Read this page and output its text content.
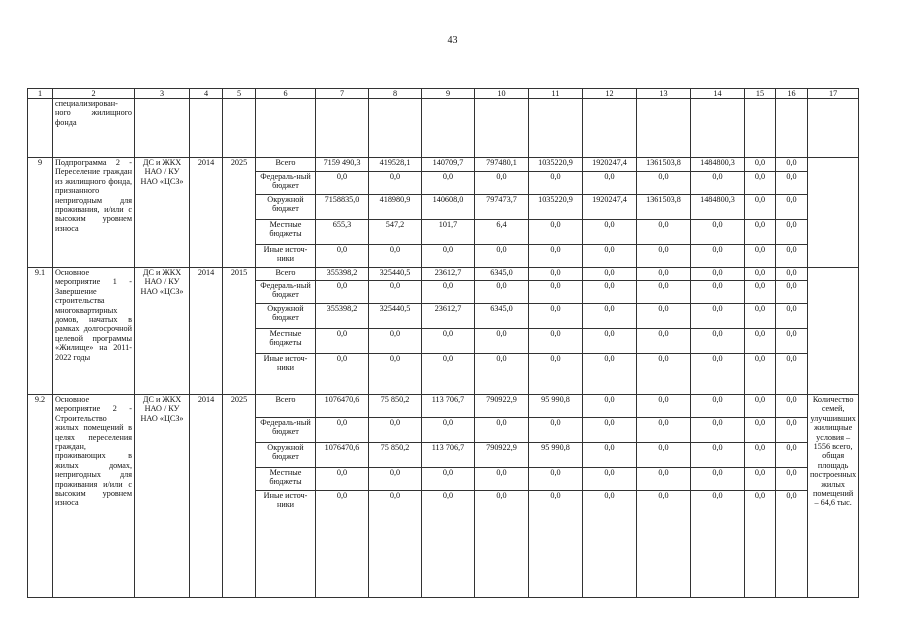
43
1	2	3	4	5	6	7	8	9	10	11	12	13	14	15	16	17
	специализирован-ного жилищного фонда															
9	Подпрограмма 2 - Переселение граждан из жилищного фонда, признанного непригодным для проживания, и/или с высоким уровнем износа	ДС и ЖКХ НАО / КУ НАО «ЦСЗ»	2014	2025	Всего	7159 490,3	419528,1	140709,7	797480,1	1035220,9	1920247,4	1361503,8	1484800,3	0,0	0,0	
					Федераль-ный бюджет	0,0	0,0	0,0	0,0	0,0	0,0	0,0	0,0	0,0	0,0	
					Окружной бюджет	7158835,0	418980,9	140608,0	797473,7	1035220,9	1920247,4	1361503,8	1484800,3	0,0	0,0	
					Местные бюджеты	655,3	547,2	101,7	6,4	0,0	0,0	0,0	0,0	0,0	0,0	
					Иные источ-ники	0,0	0,0	0,0	0,0	0,0	0,0	0,0	0,0	0,0	0,0	
9.1	Основное мероприятие 1 - Завершение строительства многоквартирных домов, начатых в рамках долгосрочной целевой программы «Жилище» на 2011-2022 годы	ДС и ЖКХ НАО / КУ НАО «ЦСЗ»	2014	2015	Всего	355398,2	325440,5	23612,7	6345,0	0,0	0,0	0,0	0,0	0,0	0,0	
					Федераль-ный бюджет	0,0	0,0	0,0	0,0	0,0	0,0	0,0	0,0	0,0	0,0	
					Окружной бюджет	355398,2	325440,5	23612,7	6345,0	0,0	0,0	0,0	0,0	0,0	0,0	
					Местные бюджеты	0,0	0,0	0,0	0,0	0,0	0,0	0,0	0,0	0,0	0,0	
					Иные источ-ники	0,0	0,0	0,0	0,0	0,0	0,0	0,0	0,0	0,0	0,0	
9.2	Основное мероприятие 2 - Строительство жилых помещений в целях переселения граждан, проживающих в жилых домах, непригодных для проживания и/или с высоким уровнем износа	ДС и ЖКХ НАО / КУ НАО «ЦСЗ»	2014	2025	Всего	1076470,6	75 850,2	113 706,7	790922,9	95 990,8	0,0	0,0	0,0	0,0	0,0	Количество семей, улучшивших жилищные условия – 1556 всего, общая площадь построенных жилых помещений – 64,6 тыс.
					Федераль-ный бюджет	0,0	0,0	0,0	0,0	0,0	0,0	0,0	0,0	0,0	0,0	
					Окружной бюджет	1076470,6	75 850,2	113 706,7	790922,9	95 990,8	0,0	0,0	0,0	0,0	0,0	
					Местные бюджеты	0,0	0,0	0,0	0,0	0,0	0,0	0,0	0,0	0,0	0,0	
					Иные источ-ники	0,0	0,0	0,0	0,0	0,0	0,0	0,0	0,0	0,0	0,0	
